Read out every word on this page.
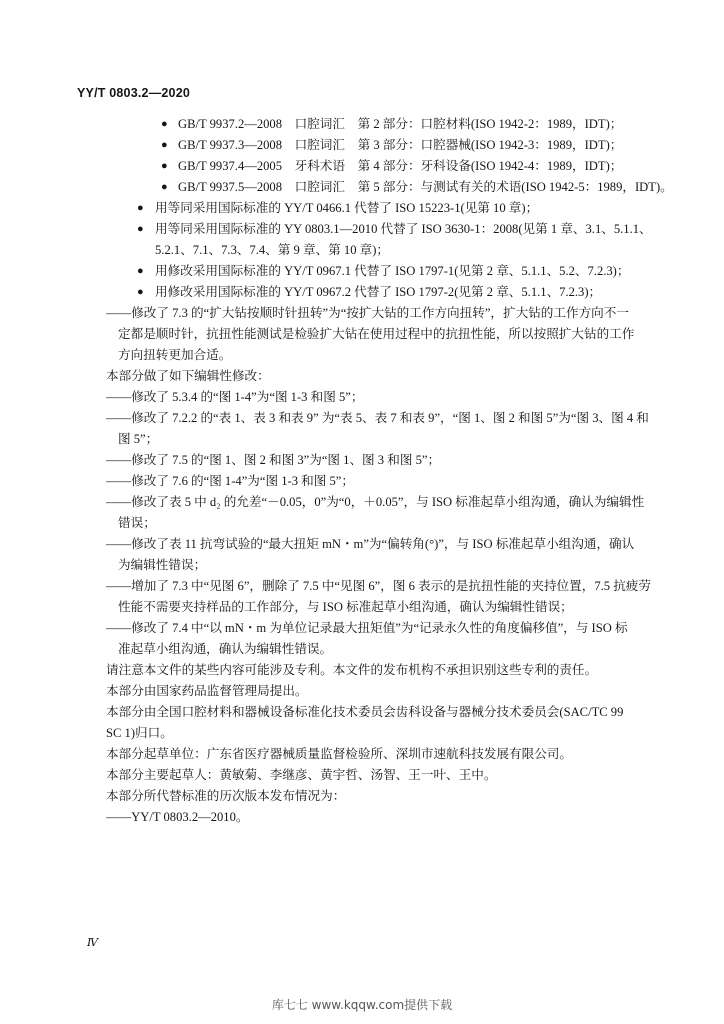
YY/T 0803.2—2020
● GB/T 9937.2—2008　口腔词汇　第 2 部分：口腔材料(ISO 1942-2：1989，IDT)；
● GB/T 9937.3—2008　口腔词汇　第 3 部分：口腔器械(ISO 1942-3：1989，IDT)；
● GB/T 9937.4—2005　牙科术语　第 4 部分：牙科设备(ISO 1942-4：1989，IDT)；
● GB/T 9937.5—2008　口腔词汇　第 5 部分：与测试有关的术语(ISO 1942-5：1989，IDT)。
● 用等同采用国际标准的 YY/T 0466.1 代替了 ISO 15223-1(见第 10 章)；
● 用等同采用国际标准的 YY 0803.1—2010 代替了 ISO 3630-1：2008(见第 1 章、3.1、5.1.1、
5.2.1、7.1、7.3、7.4、第 9 章、第 10 章)；
● 用修改采用国际标准的 YY/T 0967.1 代替了 ISO 1797-1(见第 2 章、5.1.1、5.2、7.2.3)；
● 用修改采用国际标准的 YY/T 0967.2 代替了 ISO 1797-2(见第 2 章、5.1.1、7.2.3)；
——修改了 7.3 的“扩大钻按顺时针扭转”为“按扩大钻的工作方向扭转”，扩大钻的工作方向不一
定都是顺时针，抗扭性能测试是检验扩大钻在使用过程中的抗扭性能，所以按照扩大钻的工作
方向扭转更加合适。
本部分做了如下编辑性修改：
——修改了 5.3.4 的“图 1-4”为“图 1-3 和图 5”；
——修改了 7.2.2 的“表 1、表 3 和表 9” 为“表 5、表 7 和表 9”，“图 1、图 2 和图 5”为“图 3、图 4 和
图 5”；
——修改了 7.5 的“图 1、图 2 和图 3”为“图 1、图 3 和图 5”；
——修改了 7.6 的“图 1-4”为“图 1-3 和图 5”；
——修改了表 5 中 d₂ 的允差“－0.05，0”为“0，＋0.05”，与 ISO 标准起草小组沟通，确认为编辑性
错误；
——修改了表 11 抗弯试验的“最大扭矩 mN・m”为“偏转角(°)”，与 ISO 标准起草小组沟通，确认
为编辑性错误；
——增加了 7.3 中“见图 6”，删除了 7.5 中“见图 6”，图 6 表示的是抗扭性能的夹持位置，7.5 抗疲劳
性能不需要夹持样品的工作部分，与 ISO 标准起草小组沟通，确认为编辑性错误；
——修改了 7.4 中“以 mN・m 为单位记录最大扭矩值”为“记录永久性的角度偏移值”，与 ISO 标
准起草小组沟通，确认为编辑性错误。
请注意本文件的某些内容可能涉及专利。本文件的发布机构不承担识别这些专利的责任。
本部分由国家药品监督管理局提出。
本部分由全国口腔材料和器械设备标准化技术委员会齿科设备与器械分技术委员会(SAC/TC 99
SC 1)归口。
本部分起草单位：广东省医疗器械质量监督检验所、深圳市速航科技发展有限公司。
本部分主要起草人：黄敏菊、李继彦、黄宇哲、汤智、王一叶、王中。
本部分所代替标准的历次版本发布情况为：
——YY/T 0803.2—2010。
Ⅳ
库七七 www.kqqw.com提供下载
